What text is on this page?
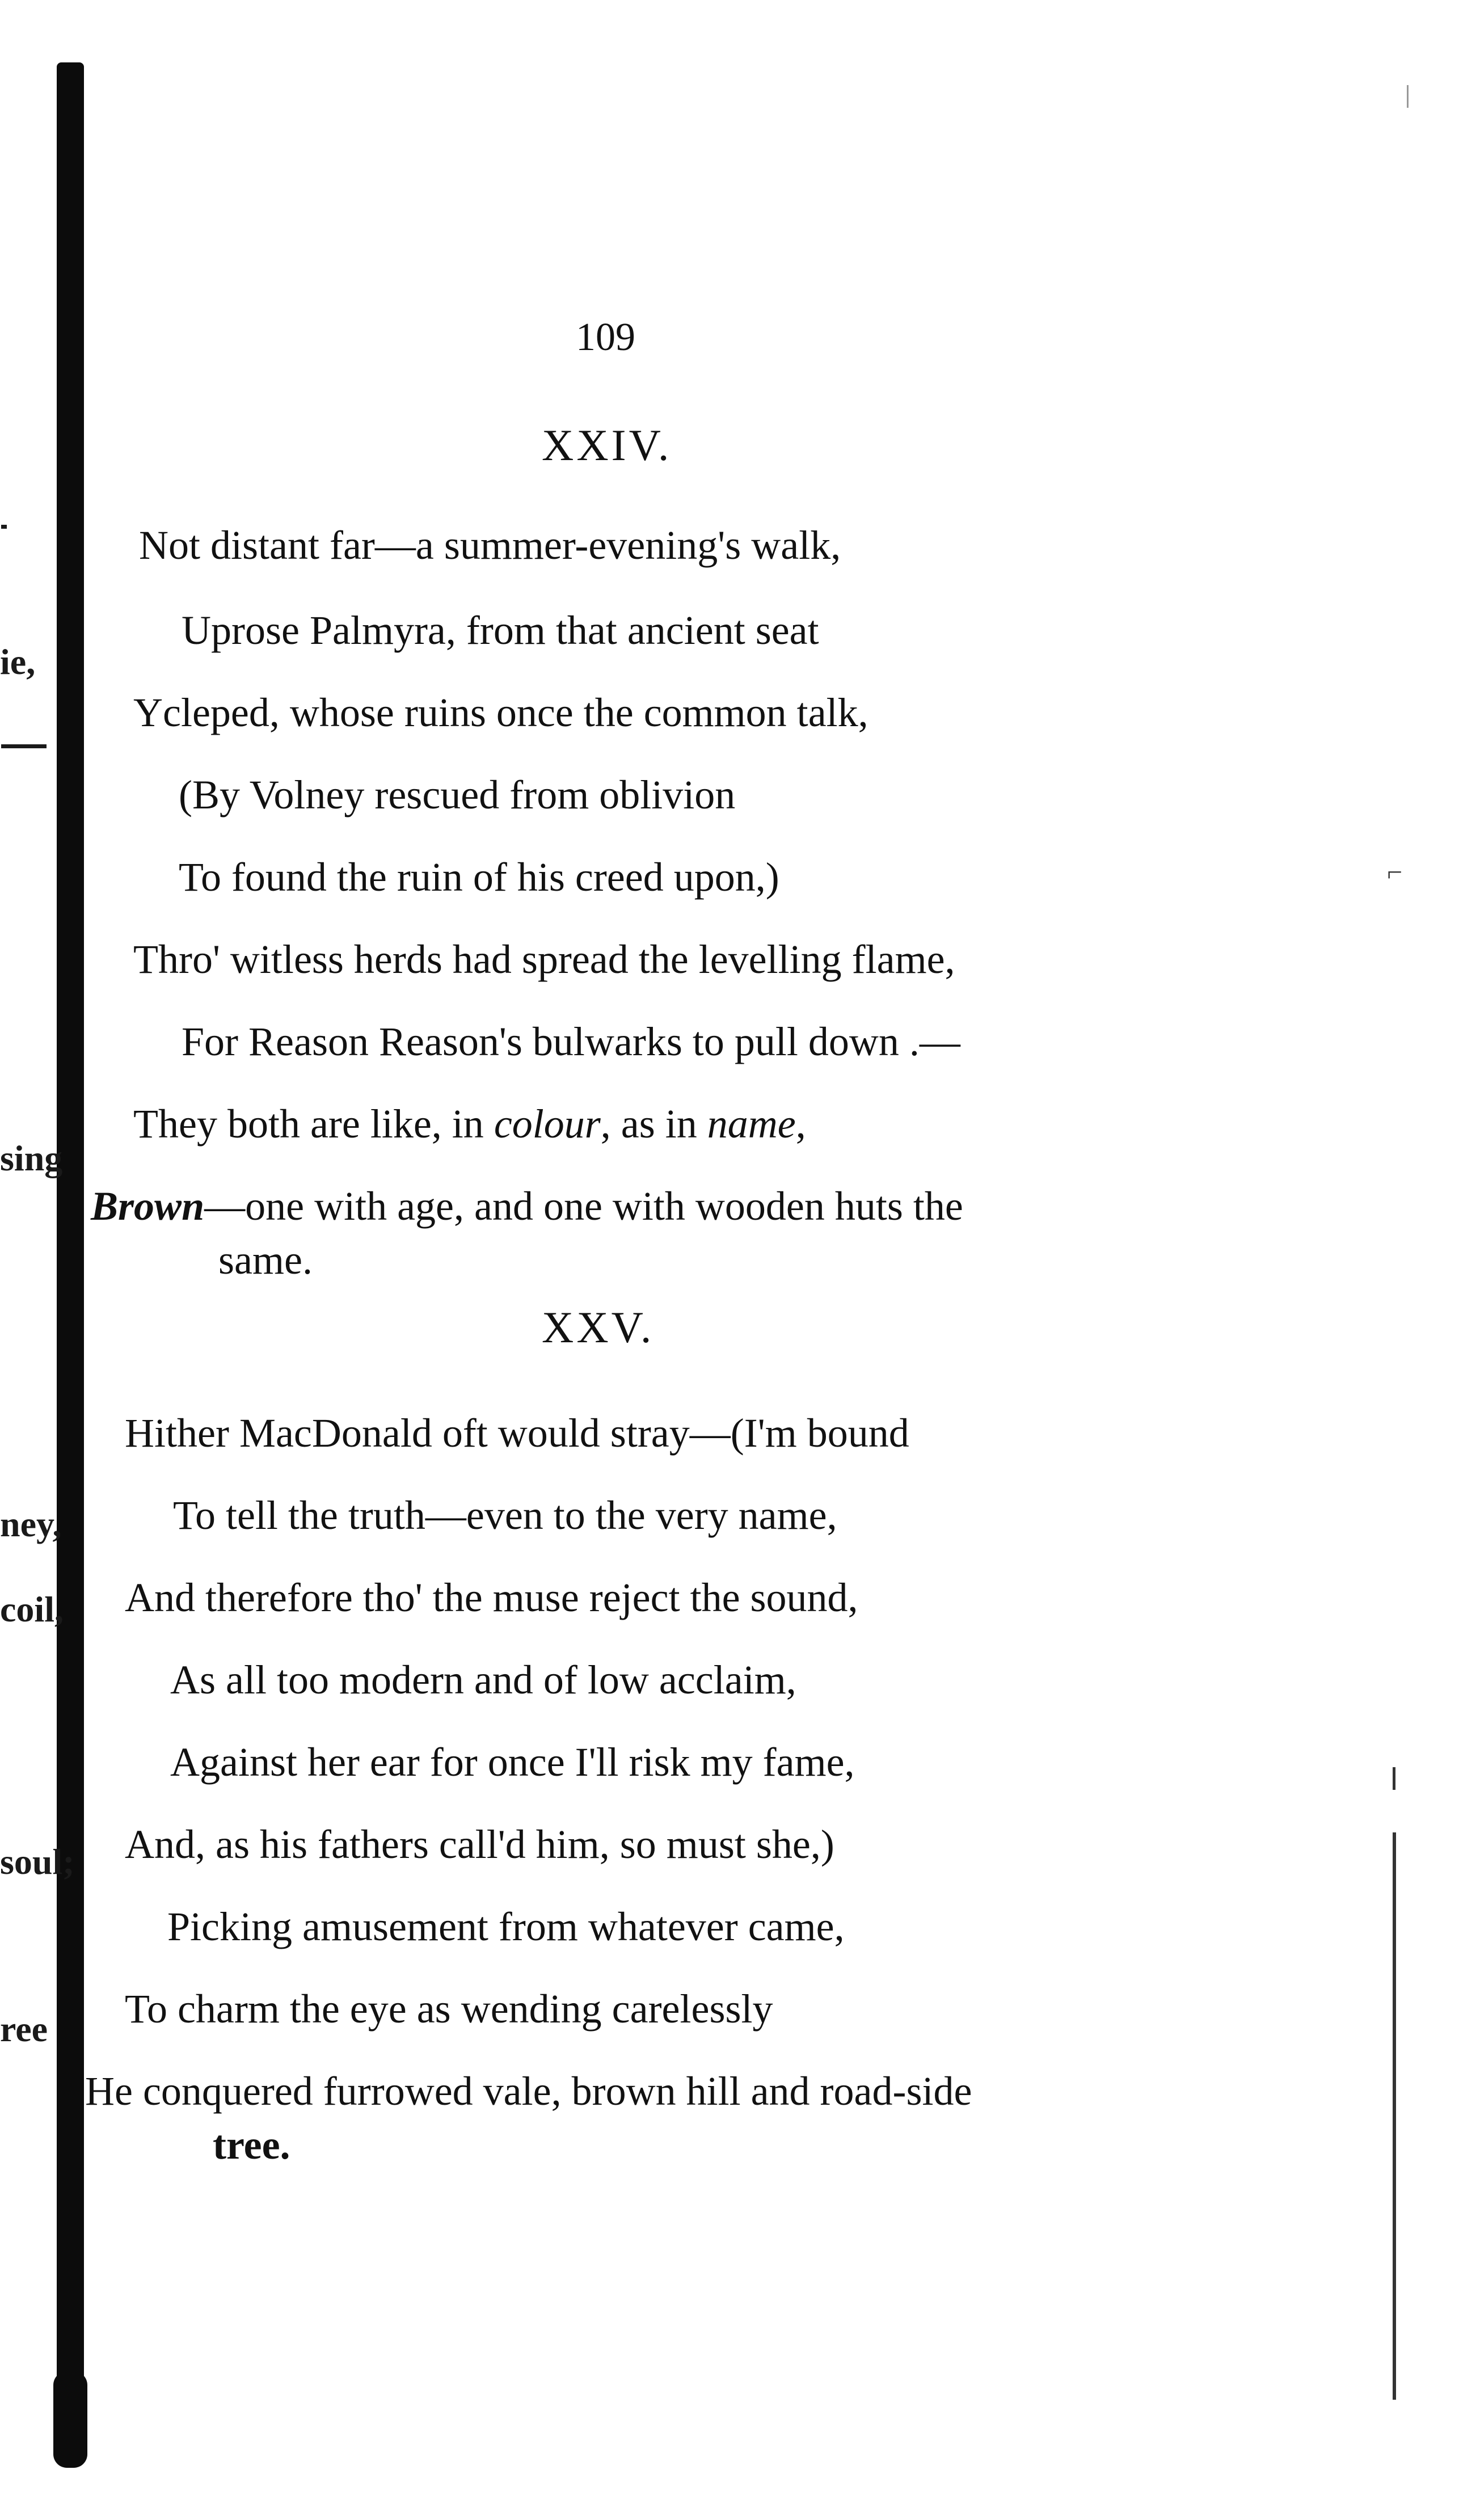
ie,
sing
ney,
coil,
soul;
ree
⌐
109
XXIV.
Not distant far—a summer-evening's walk,
Uprose Palmyra, from that ancient seat
Ycleped, whose ruins once the common talk,
(By Volney rescued from oblivion
To found the ruin of his creed upon,)
Thro' witless herds had spread the levelling flame,
For Reason Reason's bulwarks to pull down .—
They both are like, in colour, as in name,
Brown—one with age, and one with wooden huts the
same.
XXV.
Hither MacDonald oft would stray—(I'm bound
To tell the truth—even to the very name,
And therefore tho' the muse reject the sound,
As all too modern and of low acclaim,
Against her ear for once I'll risk my fame,
And, as his fathers call'd him, so must she,)
Picking amusement from whatever came,
To charm the eye as wending carelessly
He conquered furrowed vale, brown hill and road-side
tree.
